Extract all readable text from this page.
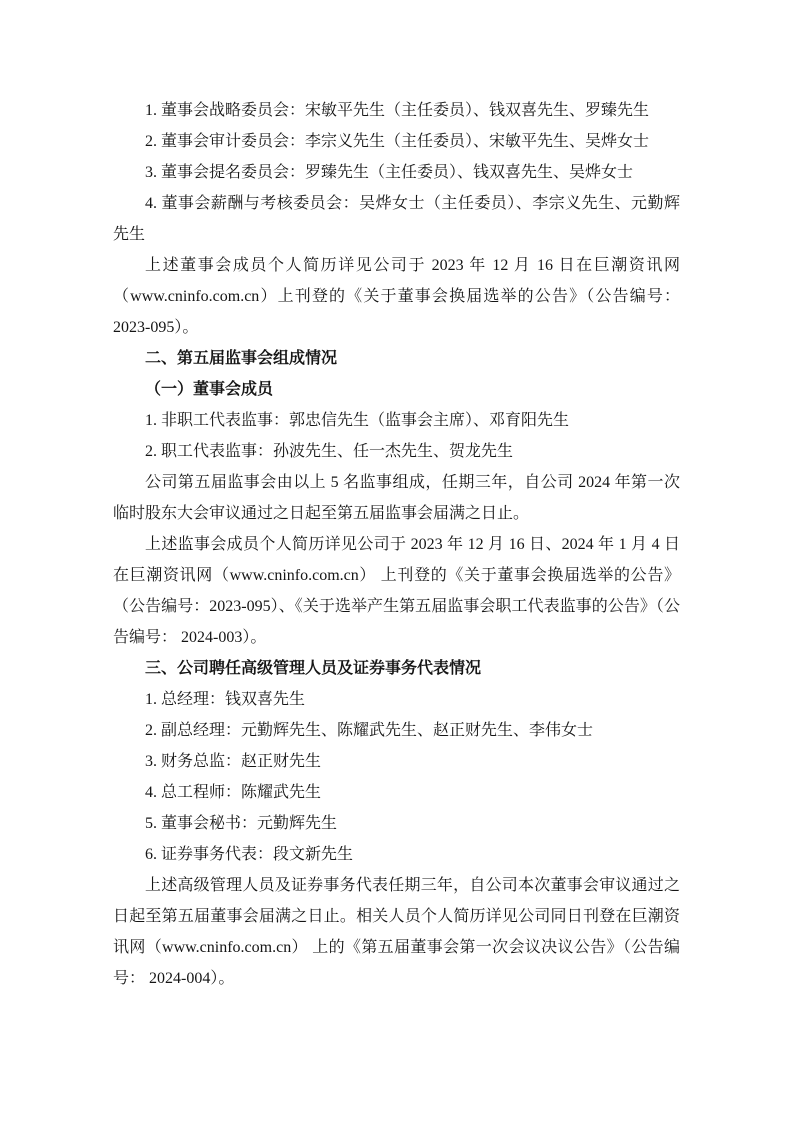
1. 董事会战略委员会：宋敏平先生（主任委员）、钱双喜先生、罗臻先生

2. 董事会审计委员会：李宗义先生（主任委员）、宋敏平先生、吴烨女士

3. 董事会提名委员会：罗臻先生（主任委员）、钱双喜先生、吴烨女士

4. 董事会薪酬与考核委员会：吴烨女士（主任委员）、李宗义先生、元勤辉先生

上述董事会成员个人简历详见公司于 2023 年 12 月 16 日在巨潮资讯网（www.cninfo.com.cn）上刊登的《关于董事会换届选举的公告》（公告编号：2023-095）。

二、第五届监事会组成情况

（一）董事会成员

1. 非职工代表监事：郭忠信先生（监事会主席）、邓育阳先生

2. 职工代表监事：孙波先生、任一杰先生、贺龙先生

公司第五届监事会由以上 5 名监事组成，任期三年，自公司 2024 年第一次临时股东大会审议通过之日起至第五届监事会届满之日止。

上述监事会成员个人简历详见公司于 2023 年 12 月 16 日、2024 年 1 月 4 日在巨潮资讯网（www.cninfo.com.cn） 上刊登的《关于董事会换届选举的公告》（公告编号：2023-095）、《关于选举产生第五届监事会职工代表监事的公告》（公告编号： 2024-003）。

三、公司聘任高级管理人员及证券事务代表情况

1. 总经理：钱双喜先生

2. 副总经理：元勤辉先生、陈耀武先生、赵正财先生、李伟女士

3. 财务总监：赵正财先生

4. 总工程师：陈耀武先生

5. 董事会秘书：元勤辉先生

6. 证券事务代表：段文新先生

上述高级管理人员及证券事务代表任期三年，自公司本次董事会审议通过之日起至第五届董事会届满之日止。相关人员个人简历详见公司同日刊登在巨潮资讯网（www.cninfo.com.cn） 上的《第五届董事会第一次会议决议公告》（公告编号： 2024-004）。
